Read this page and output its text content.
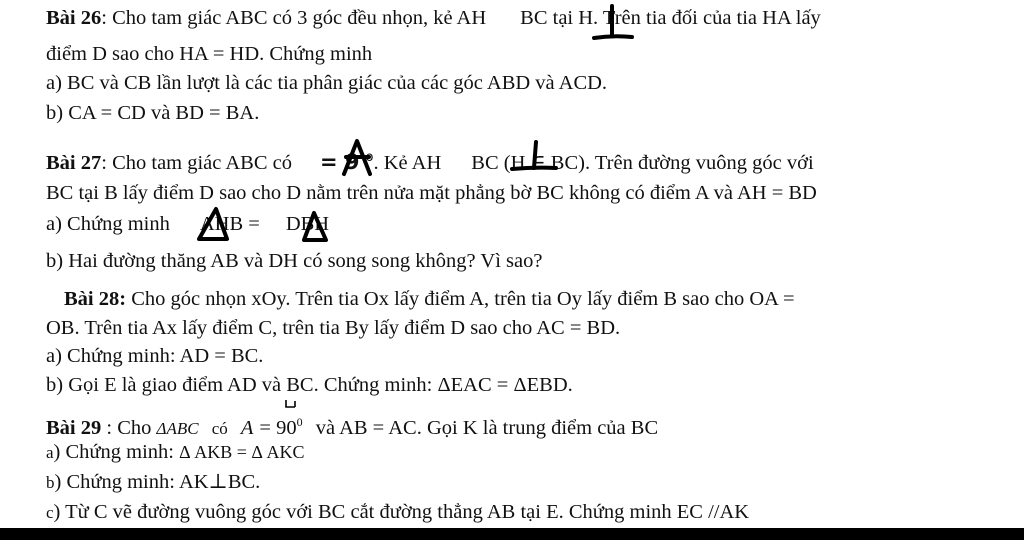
Bài 26: Cho tam giác ABC có 3 góc đều nhọn, kẻ AH BC tại H. Trên tia đối của tia HA lấy
điểm D sao cho HA = HD. Chứng minh
a) BC và CB lần lượt là các tia phân giác của các góc ABD và ACD.
b) CA = CD và BD = BA.
Bài 27: Cho tam giác ABC có = 9 $^o$. Kẻ AH BC (H ∈ BC). Trên đường vuông góc với
BC tại B lấy điểm D sao cho D nằm trên nửa mặt phẳng bờ BC không có điểm A và AH = BD
a) Chứng minh AHB = DBH
b) Hai đường thăng AB và DH có song song không? Vì sao?
Bài 28: Cho góc nhọn xOy. Trên tia Ox lấy điểm A, trên tia Oy lấy điểm B sao cho OA =
OB. Trên tia Ax lấy điểm C, trên tia By lấy điểm D sao cho AC = BD.
a) Chứng minh: AD = BC.
b) Gọi E là giao điểm AD và BC. Chứng minh: ΔEAC = ΔEBD.
Bài 29 : Cho ΔABC có $A = 90^0$ và AB = AC. Gọi K là trung điểm của BC
a) Chứng minh: Δ AKB = Δ AKC
b) Chứng minh: AK⊥BC.
c) Từ C vẽ đường vuông góc với BC cắt đường thẳng AB tại E. Chứng minh EC //AK
